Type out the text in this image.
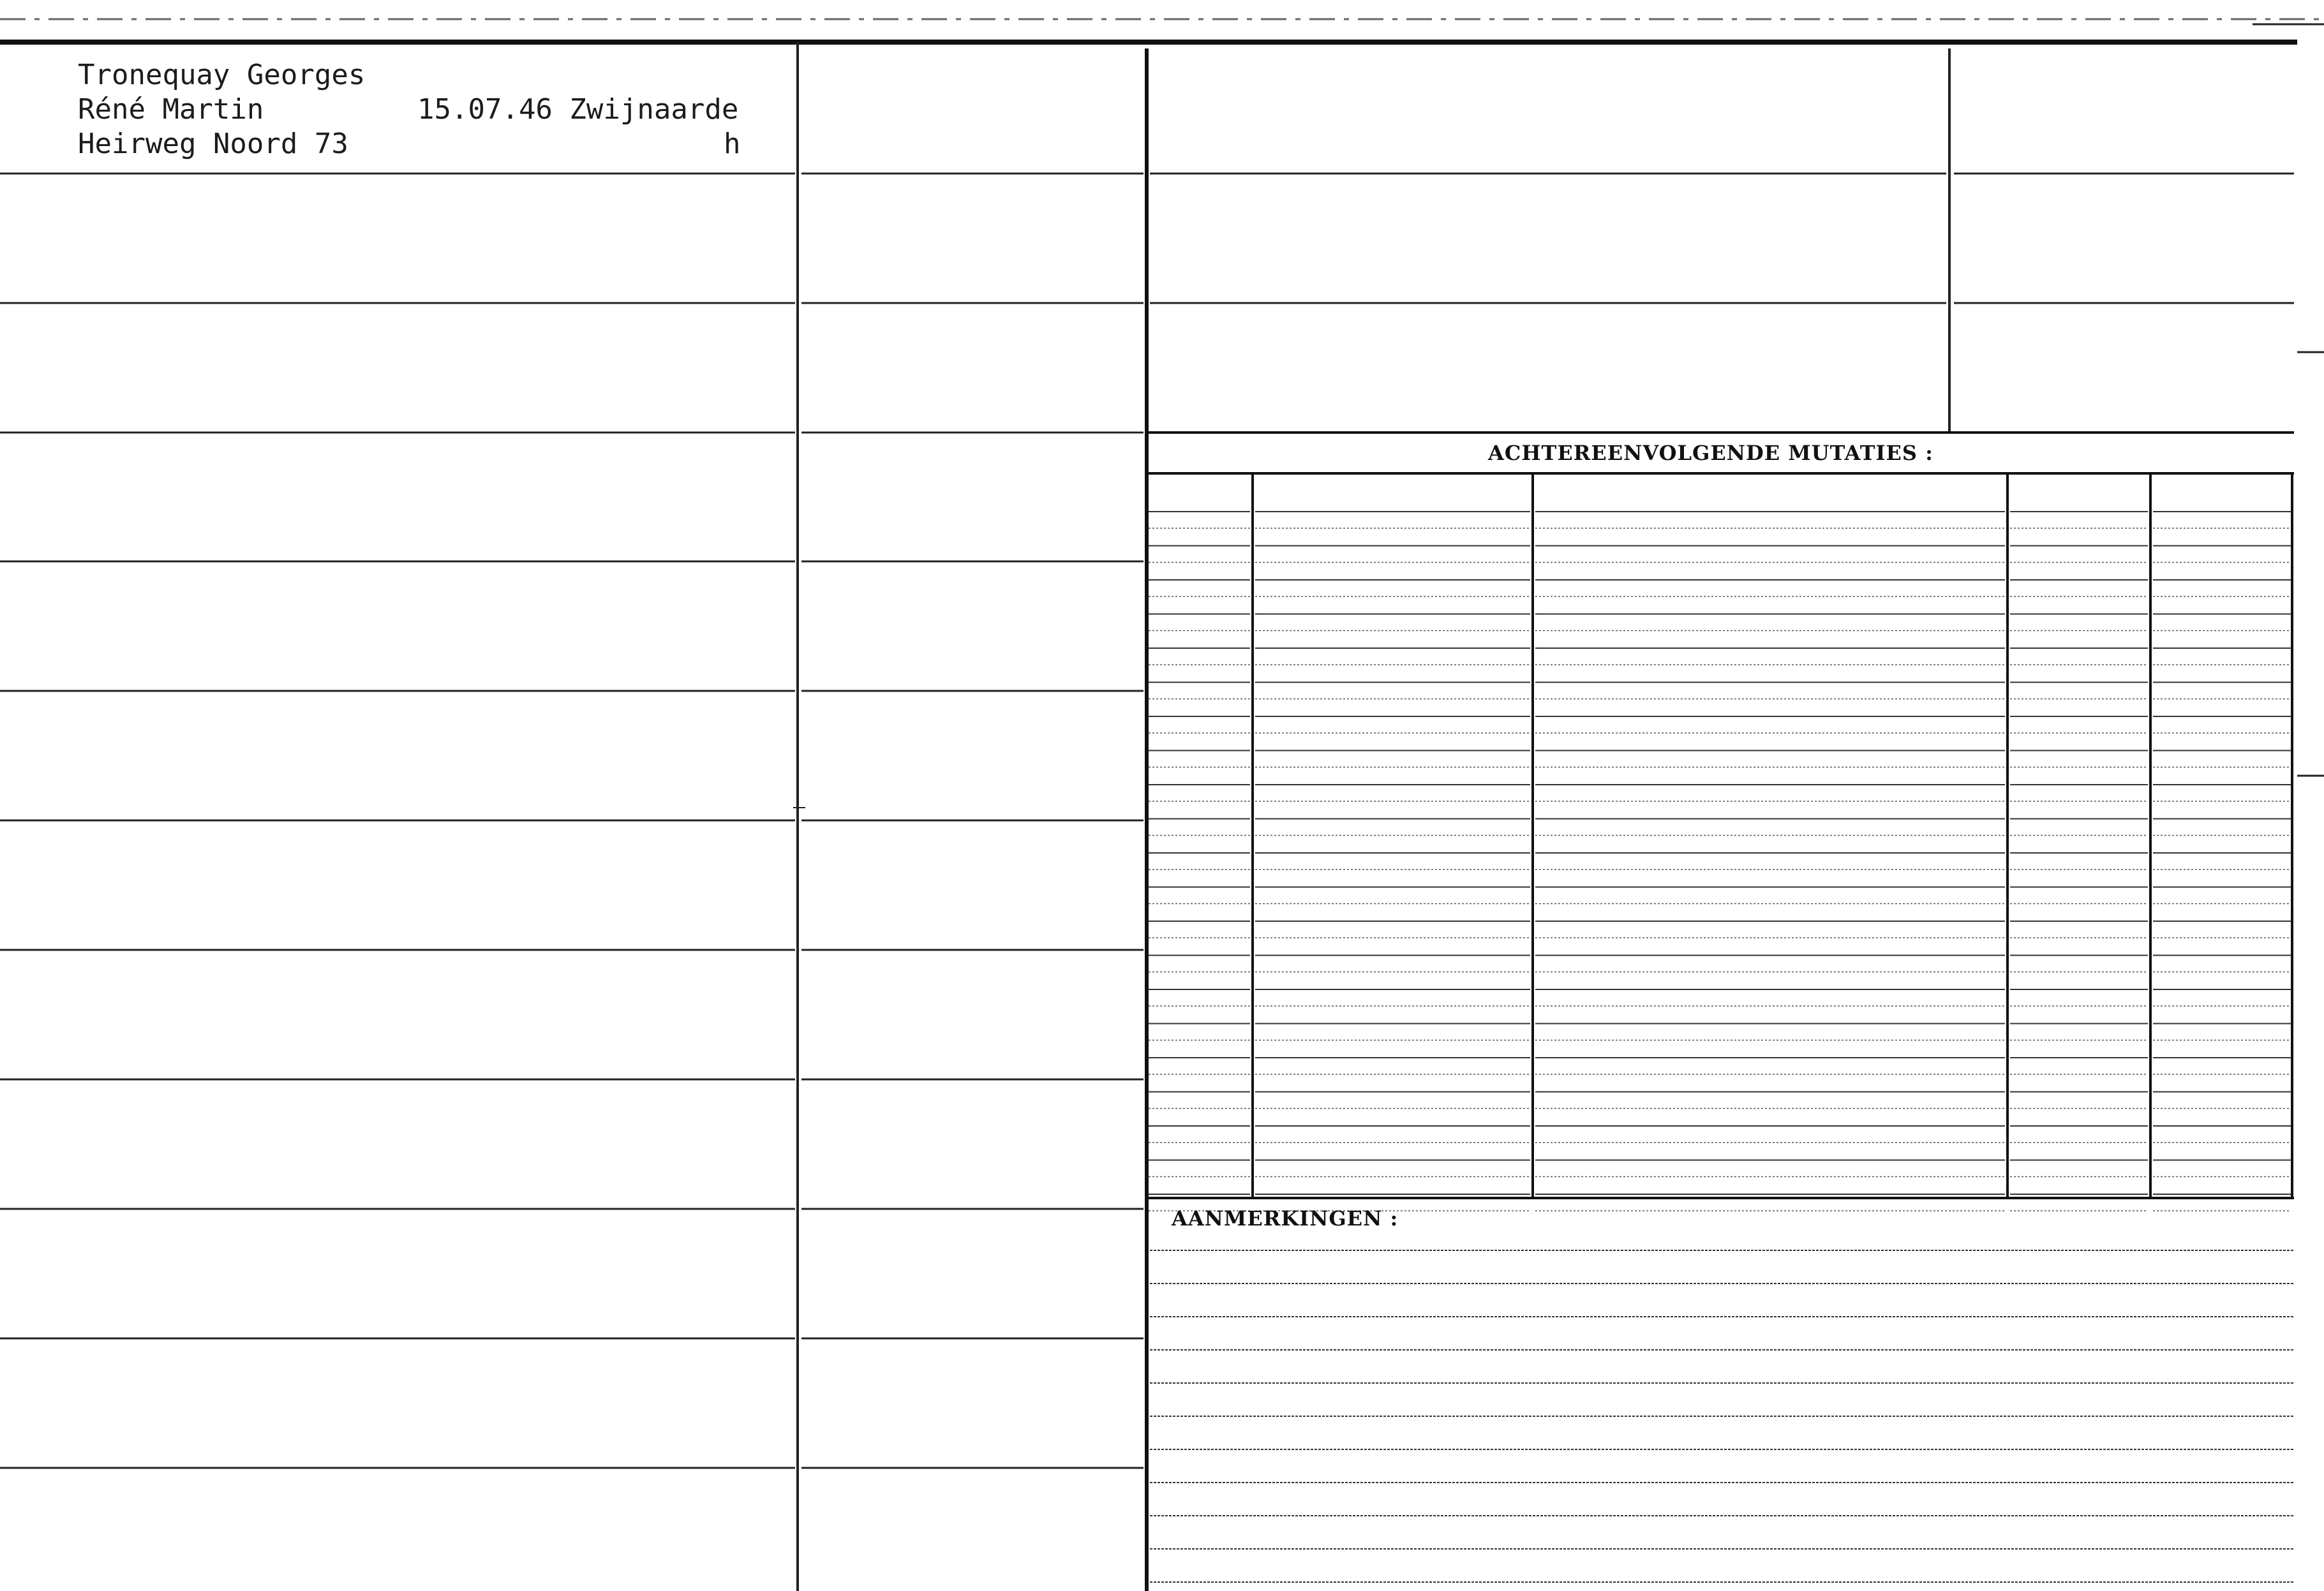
Tronequay Georges
Réné Martin	15.07.46 Zwijnaarde
Heirweg Noord 73	h
ACHTEREENVOLGENDE MUTATIES :
AANMERKINGEN :
